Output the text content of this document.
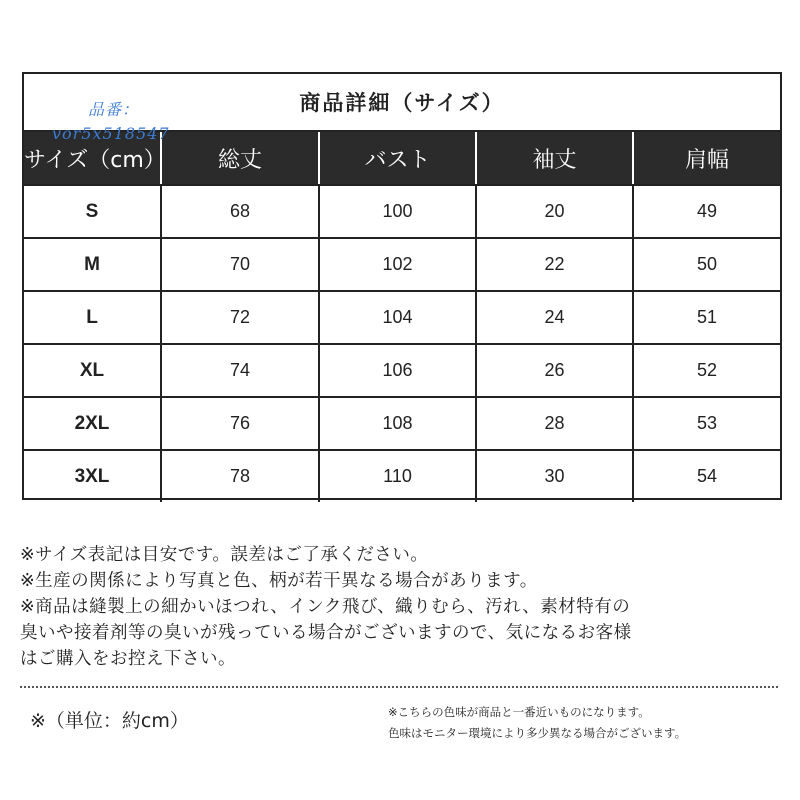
商品詳細（サイズ）
サイズ（cm）	総丈	バスト	袖丈	肩幅
S	68	100	20	49
M	70	102	22	50
L	72	104	24	51
XL	74	106	26	52
2XL	76	108	28	53
3XL	78	110	30	54
品番：
vor5x518547
※サイズ表記は目安です。誤差はご了承ください。
※生産の関係により写真と色、柄が若干異なる場合があります。
※商品は縫製上の細かいほつれ、インク飛び、織りむら、汚れ、素材特有の
臭いや接着剤等の臭いが残っている場合がございますので、気になるお客様
はご購入をお控え下さい。
※（単位：約cm）	※こちらの色味が商品と一番近いものになります。
色味はモニター環境により多少異なる場合がございます。
